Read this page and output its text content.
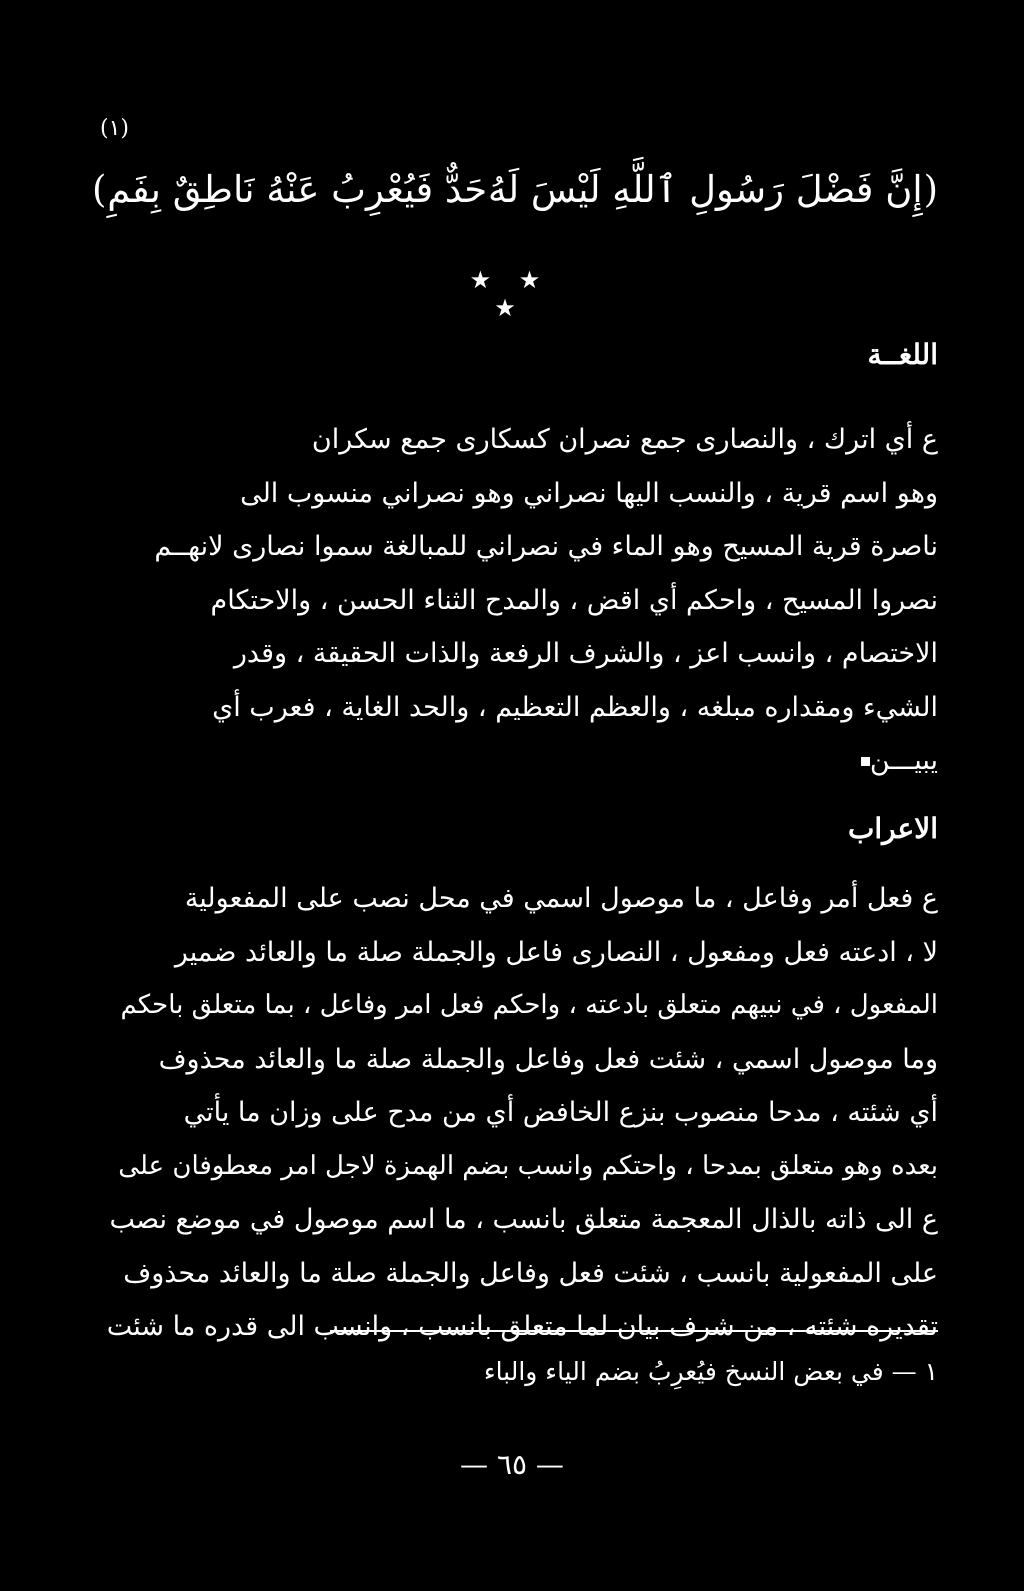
(١)
(
إِنَّ فَضْلَ رَسُولِ ٱللَّهِ لَيْسَ لَهُ
حَدٌّ فَيُعْرِبُ عَنْهُ نَاطِقٌ بِفَمِ
)
★ ★ ★
اللغــة
ع أي اترك ، والنصارى جمع نصران كسكارى جمع سكران
وهو اسم قرية ، والنسب اليها نصراني وهو نصراني منسوب الى
ناصرة قرية المسيح وهو الماء في نصراني للمبالغة سموا نصارى لانهــم
نصروا المسيح ، واحكم أي اقض ، والمدح الثناء الحسن ، والاحتكام
الاختصام ، وانسب اعز ، والشرف الرفعة والذات الحقيقة ، وقدر
الشيء ومقداره مبلغه ، والعظم التعظيم ، والحد الغاية ، فعرب أي
يبيـــن
الاعراب
ع فعل أمر وفاعل ، ما موصول اسمي في محل نصب على المفعولية
لا ، ادعته فعل ومفعول ، النصارى فاعل والجملة صلة ما والعائد ضمير
المفعول ، في نبيهم متعلق بادعته ، واحكم فعل امر وفاعل ، بما متعلق باحكم
وما موصول اسمي ، شئت فعل وفاعل والجملة صلة ما والعائد محذوف
أي شئته ، مدحا منصوب بنزع الخافض أي من مدح على وزان ما يأتي
بعده وهو متعلق بمدحا ، واحتكم وانسب بضم الهمزة لاجل امر معطوفان على
ع الى ذاته بالذال المعجمة متعلق بانسب ، ما اسم موصول في موضع نصب
على المفعولية بانسب ، شئت فعل وفاعل والجملة صلة ما والعائد محذوف
تقديره شئته ، من شرف بيان لما متعلق بانسب ، وانسب الى قدره ما شئت
١ — في بعض النسخ فيُعرِبُ بضم الياء والباء
— ٦٥ —
